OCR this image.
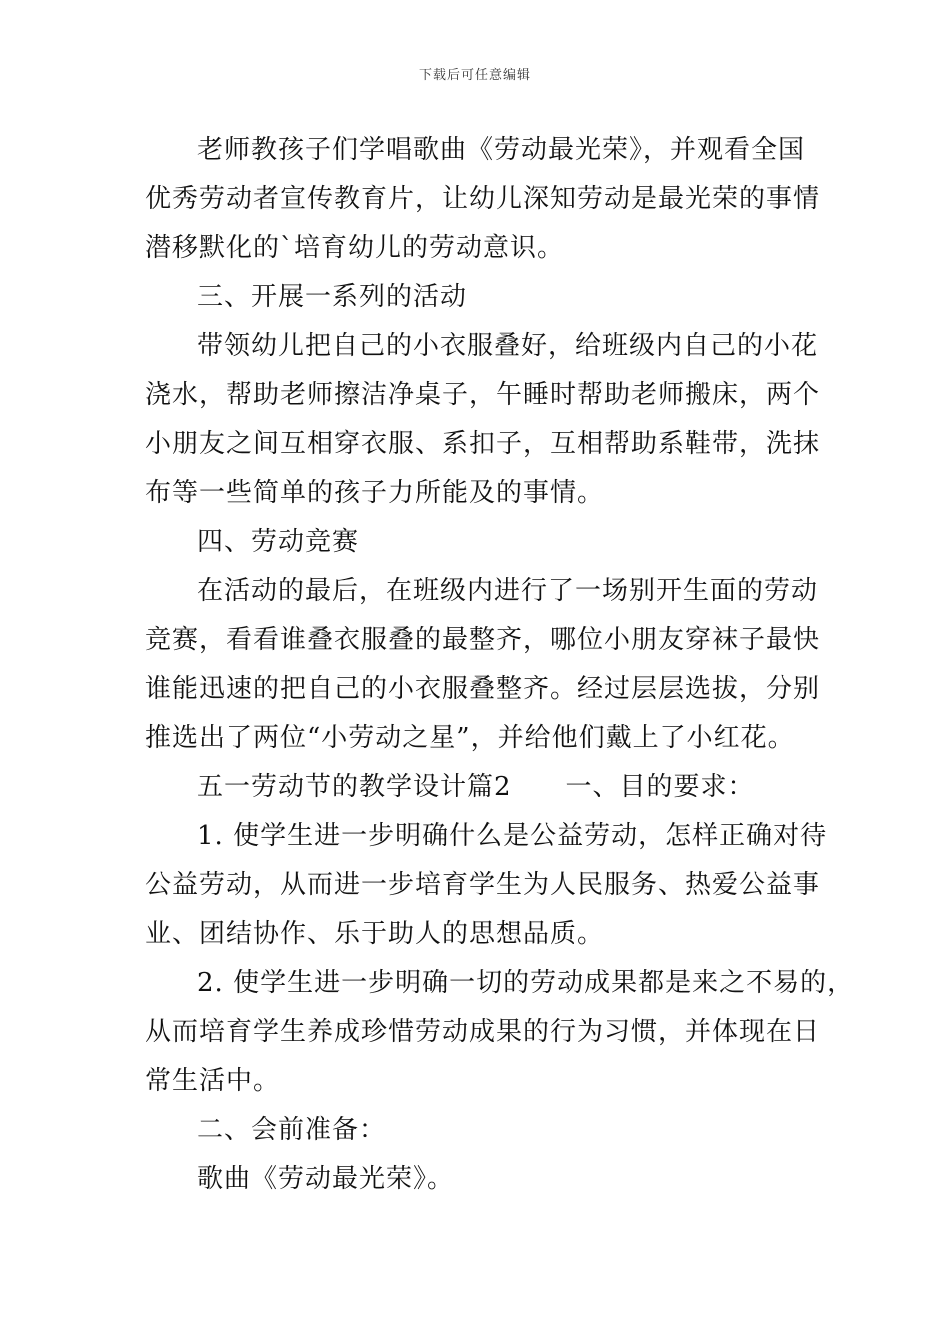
下载后可任意编辑
老师教孩子们学唱歌曲《劳动最光荣》，并观看全国
优秀劳动者宣传教育片，让幼儿深知劳动是最光荣的事情
潜移默化的`培育幼儿的劳动意识。
三、开展一系列的活动
带领幼儿把自己的小衣服叠好，给班级内自己的小花
浇水，帮助老师擦洁净桌子，午睡时帮助老师搬床，两个
小朋友之间互相穿衣服、系扣子，互相帮助系鞋带，洗抹
布等一些简单的孩子力所能及的事情。
四、劳动竞赛
在活动的最后，在班级内进行了一场别开生面的劳动
竞赛，看看谁叠衣服叠的最整齐，哪位小朋友穿袜子最快
谁能迅速的把自己的小衣服叠整齐。经过层层选拔，分别
推选出了两位“小劳动之星”，并给他们戴上了小红花。
五一劳动节的教学设计篇2　　一、目的要求：
1. 使学生进一步明确什么是公益劳动，怎样正确对待
公益劳动，从而进一步培育学生为人民服务、热爱公益事
业、团结协作、乐于助人的思想品质。
2. 使学生进一步明确一切的劳动成果都是来之不易的，
从而培育学生养成珍惜劳动成果的行为习惯，并体现在日
常生活中。
二、会前准备：
歌曲《劳动最光荣》。
